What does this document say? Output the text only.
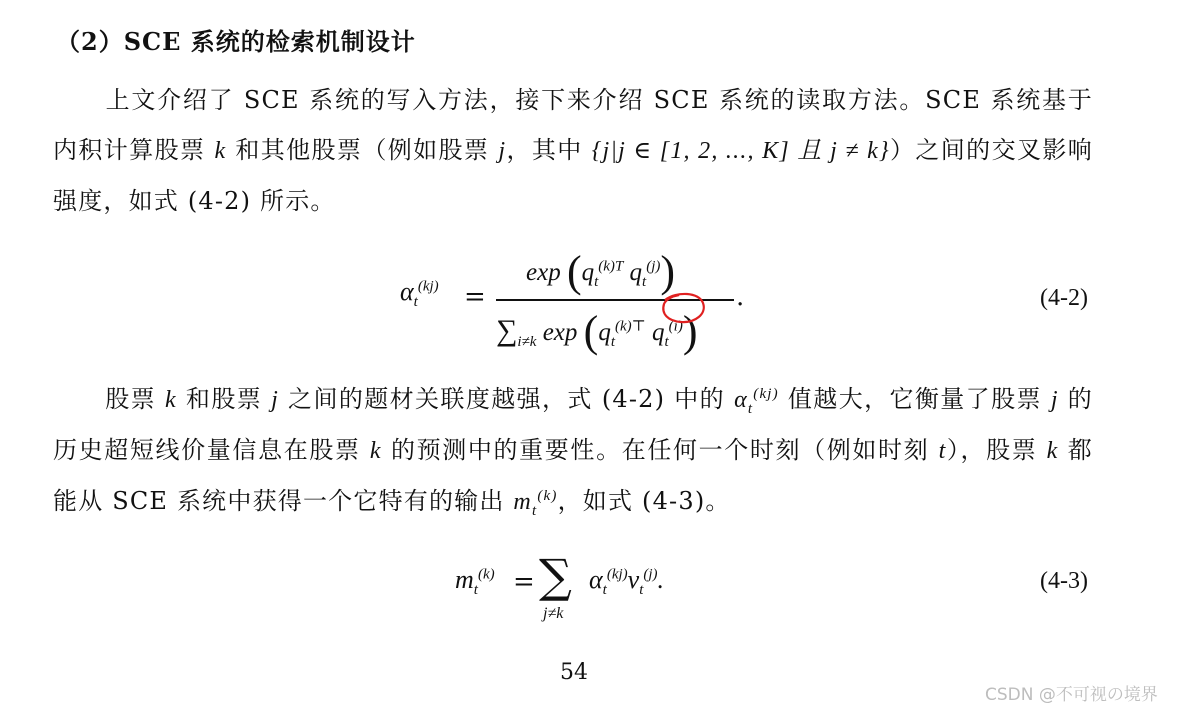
（2）SCE 系统的检索机制设计
上文介绍了 SCE 系统的写入方法，接下来介绍 SCE 系统的读取方法。SCE 系统基于内积计算股票 k 和其他股票（例如股票 j，其中 {j|j ∈ [1, 2, ..., K] 且 j ≠ k}）之间的交叉影响强度，如式 (4-2) 所示。
$\alpha_t^{(kj)}$ =
$\exp (q_t^{(k)T}$ $q_t^{(j)}$)
$\sum_{i\ne k}$ $\exp (q_t^{(k)⊤}$ $q_t^{(i)}$)
.	(4-2)
股票 k 和股票 j 之间的题材关联度越强，式 (4-2) 中的 $\alpha_t^{(kj)}$ 值越大，它衡量了股票 j 的历史超短线价量信息在股票 k 的预测中的重要性。在任何一个时刻（例如时刻 t），股票 k 都能从 SCE 系统中获得一个它特有的输出 $m_t^{(k)}$，如式 (4-3)。
$m_t^{(k)}$ = ∑
j≠k
$\alpha_t^{(kj)}v_t^{(j)}$.	(4-3)
54
CSDN @不可视の境界
